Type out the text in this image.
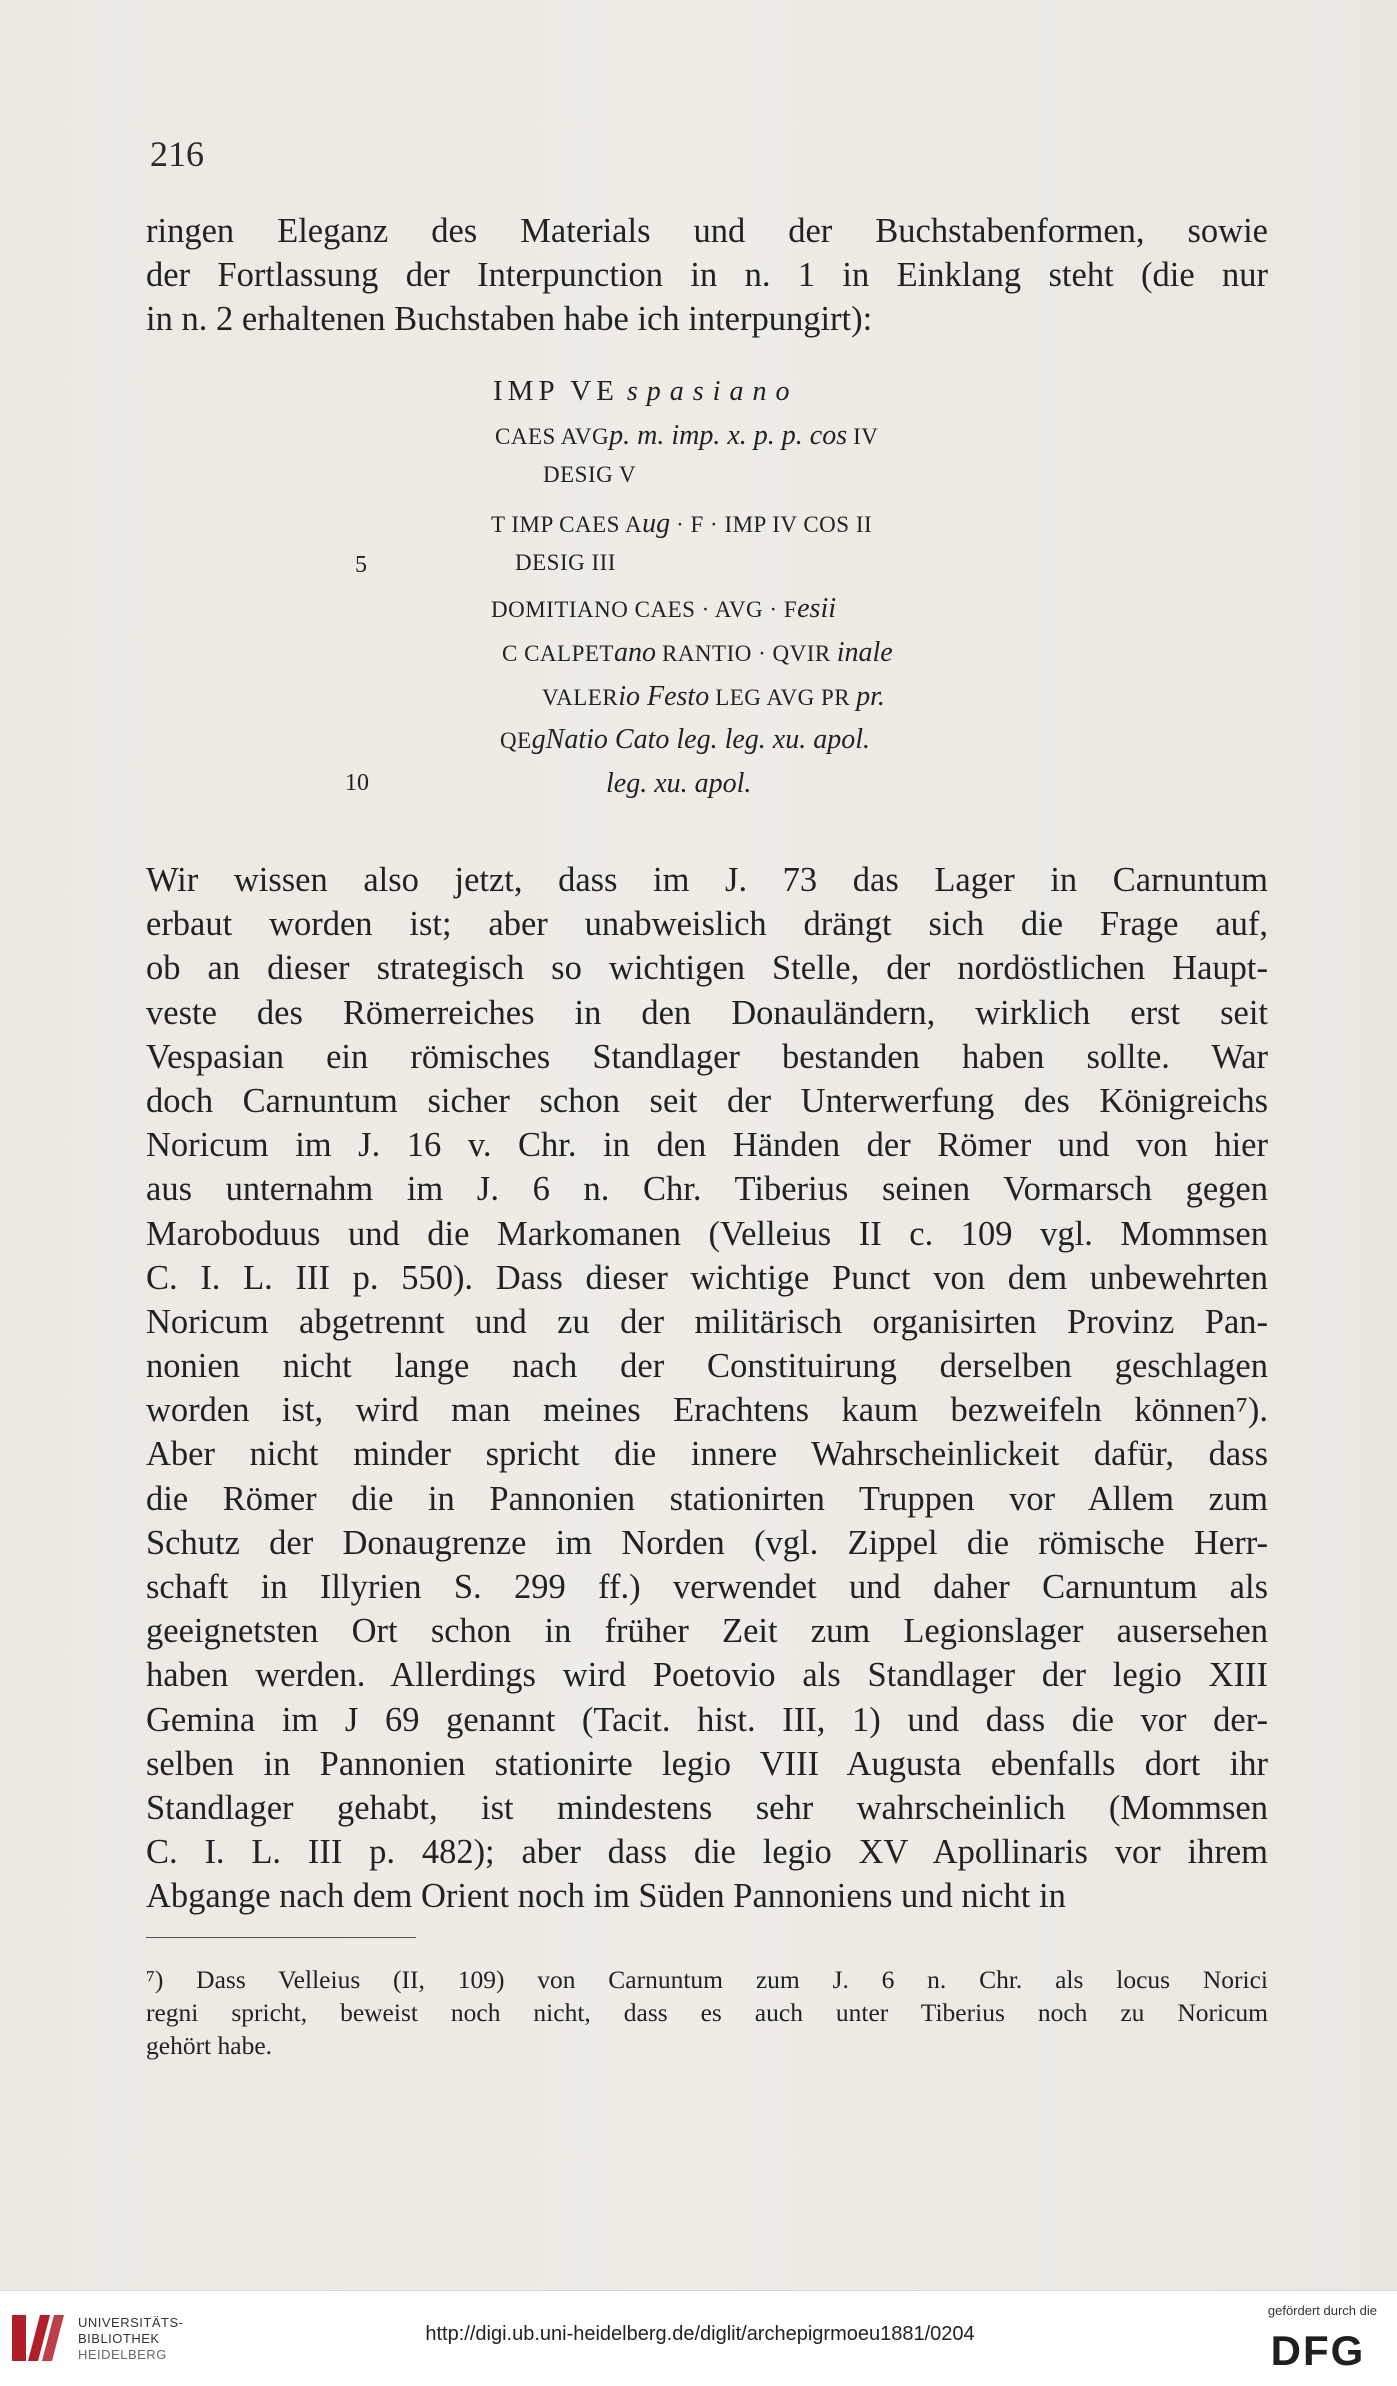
216
ringen Eleganz des Materials und der Buchstabenformen, sowie
der Fortlassung der Interpunction in n. 1 in Einklang steht (die nur
in n. 2 erhaltenen Buchstaben habe ich interpungirt):
IMP VE spasiano
CAES AVGp. m. imp. x. p. p. cos IV
DESIG V
T IMP CAES Aug · F · IMP IV COS II
5	DESIG III
DOMITIANO CAES · AVG · Fesii
C CALPETano RANTIO · QVIR inale
VALERio Festo LEG AVG PR pr.
QEgNatio Cato leg. leg. xu. apol.
10	leg. xu. apol.
Wir wissen also jetzt, dass im J. 73 das Lager in Carnuntum
erbaut worden ist; aber unabweislich drängt sich die Frage auf,
ob an dieser strategisch so wichtigen Stelle, der nordöstlichen Haupt-
veste des Römerreiches in den Donauländern, wirklich erst seit
Vespasian ein römisches Standlager bestanden haben sollte. War
doch Carnuntum sicher schon seit der Unterwerfung des Königreichs
Noricum im J. 16 v. Chr. in den Händen der Römer und von hier
aus unternahm im J. 6 n. Chr. Tiberius seinen Vormarsch gegen
Maroboduus und die Markomanen (Velleius II c. 109 vgl. Mommsen
C. I. L. III p. 550). Dass dieser wichtige Punct von dem unbewehrten
Noricum abgetrennt und zu der militärisch organisirten Provinz Pan-
nonien nicht lange nach der Constituirung derselben geschlagen
worden ist, wird man meines Erachtens kaum bezweifeln können⁷).
Aber nicht minder spricht die innere Wahrscheinlickeit dafür, dass
die Römer die in Pannonien stationirten Truppen vor Allem zum
Schutz der Donaugrenze im Norden (vgl. Zippel die römische Herr-
schaft in Illyrien S. 299 ff.) verwendet und daher Carnuntum als
geeignetsten Ort schon in früher Zeit zum Legionslager ausersehen
haben werden. Allerdings wird Poetovio als Standlager der legio XIII
Gemina im J 69 genannt (Tacit. hist. III, 1) und dass die vor der-
selben in Pannonien stationirte legio VIII Augusta ebenfalls dort ihr
Standlager gehabt, ist mindestens sehr wahrscheinlich (Mommsen
C. I. L. III p. 482); aber dass die legio XV Apollinaris vor ihrem
Abgange nach dem Orient noch im Süden Pannoniens und nicht in
⁷) Dass Velleius (II, 109) von Carnuntum zum J. 6 n. Chr. als locus Norici
regni spricht, beweist noch nicht, dass es auch unter Tiberius noch zu Noricum
gehört habe.
UNIVERSITÄTS-
BIBLIOTHEK
HEIDELBERG
http://digi.ub.uni-heidelberg.de/diglit/archepigrmoeu1881/0204
gefördert durch die
DFG
